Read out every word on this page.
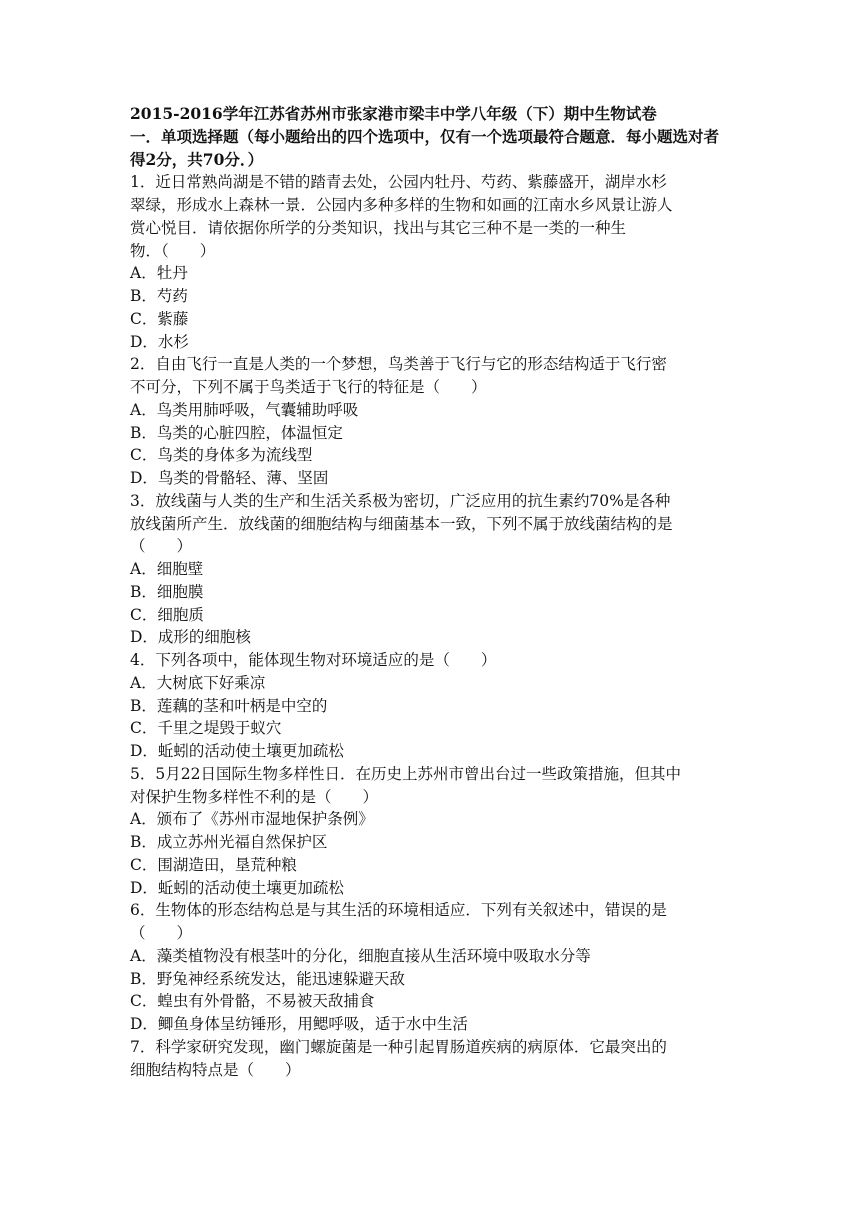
2015-2016学年江苏省苏州市张家港市梁丰中学八年级（下）期中生物试卷

一．单项选择题（每小题给出的四个选项中，仅有一个选项最符合题意．每小题选对者得2分，共70分．）

1．近日常熟尚湖是不错的踏青去处，公园内牡丹、芍药、紫藤盛开，湖岸水杉

翠绿，形成水上森林一景．公园内多种多样的生物和如画的江南水乡风景让游人

赏心悦目．请依据你所学的分类知识，找出与其它三种不是一类的一种生

物．（　　）

A．牡丹

B．芍药

C．紫藤

D．水杉

2．自由飞行一直是人类的一个梦想，鸟类善于飞行与它的形态结构适于飞行密

不可分，下列不属于鸟类适于飞行的特征是（　　）

A．鸟类用肺呼吸，气囊辅助呼吸

B．鸟类的心脏四腔，体温恒定

C．鸟类的身体多为流线型

D．鸟类的骨骼轻、薄、坚固

3．放线菌与人类的生产和生活关系极为密切，广泛应用的抗生素约70%是各种

放线菌所产生．放线菌的细胞结构与细菌基本一致，下列不属于放线菌结构的是

（　　）

A．细胞壁

B．细胞膜

C．细胞质

D．成形的细胞核

4．下列各项中，能体现生物对环境适应的是（　　）

A．大树底下好乘凉

B．莲藕的茎和叶柄是中空的

C．千里之堤毁于蚁穴

D．蚯蚓的活动使土壤更加疏松

5．5月22日国际生物多样性日．在历史上苏州市曾出台过一些政策措施，但其中

对保护生物多样性不利的是（　　）

A．颁布了《苏州市湿地保护条例》

B．成立苏州光福自然保护区

C．围湖造田，垦荒种粮

D．蚯蚓的活动使土壤更加疏松

6．生物体的形态结构总是与其生活的环境相适应．下列有关叙述中，错误的是

（　　）

A．藻类植物没有根茎叶的分化，细胞直接从生活环境中吸取水分等

B．野兔神经系统发达，能迅速躲避天敌

C．蝗虫有外骨骼，不易被天敌捕食

D．鲫鱼身体呈纺锤形，用鳃呼吸，适于水中生活

7．科学家研究发现，幽门螺旋菌是一种引起胃肠道疾病的病原体．它最突出的

细胞结构特点是（　　）
